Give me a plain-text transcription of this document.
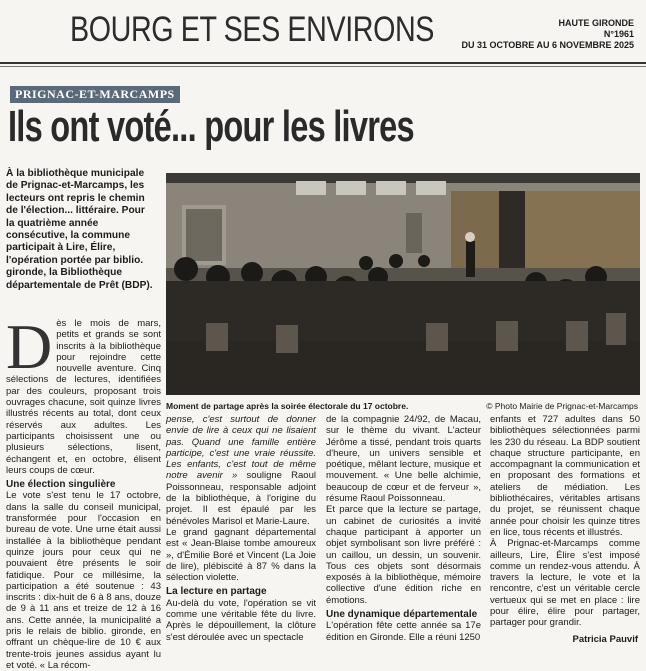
BOURG ET SES ENVIRONS	HAUTE GIRONDE
N°1961
DU 31 OCTOBRE AU 6 NOVEMBRE 2025
PRIGNAC-ET-MARCAMPS
Ils ont voté... pour les livres
À la bibliothèque municipale de Prignac-et-Marcamps, les lecteurs ont repris le chemin de l'élection... littéraire. Pour la quatrième année consécutive, la commune participait à Lire, Élire, l'opération portée par biblio. gironde, la Bibliothèque départementale de Prêt (BDP).
Moment de partage après la soirée électorale du 17 octobre.	© Photo Mairie de Prignac-et-Marcamps
D ès le mois de mars, petits et grands se sont inscrits à la bibliothèque pour rejoindre cette nouvelle aventure. Cinq sélections de lectures, identifiées par des couleurs, proposant trois ouvrages chacune, soit quinze livres illustrés récents au total, dont ceux réservés aux adultes. Les participants choisissent une ou plusieurs sélections, lisent, échangent et, en octobre, élisent leurs coups de cœur.

Une élection singulière

Le vote s'est tenu le 17 octobre, dans la salle du conseil municipal, transformée pour l'occasion en bureau de vote. Une urne était aussi installée à la bibliothèque pendant quinze jours pour ceux qui ne pouvaient être présents le soir fatidique. Pour ce millésime, la participation a été soutenue : 43 inscrits : dix-huit de 6 à 8 ans, douze de 9 à 11 ans et treize de 12 à 16 ans. Cette année, la municipalité a pris le relais de biblio. gironde, en offrant un chèque-lire de 10 € aux trente-trois jeunes assidus ayant lu et voté. « La récom-

pense, c'est surtout de donner envie de lire à ceux qui ne lisaient pas. Quand une famille entière participe, c'est une vraie réussite. Les enfants, c'est tout de même notre avenir » souligne Raoul Poissonneau, responsable adjoint de la bibliothèque, à l'origine du projet. Il est épaulé par les bénévoles Marisol et Marie-Laure.

Le grand gagnant départemental est « Jean-Blaise tombe amoureux », d'Émilie Boré et Vincent (La Joie de lire), plébiscité à 87 % dans la sélection violette.

La lecture en partage

Au-delà du vote, l'opération se vit comme une véritable fête du livre. Après le dépouillement, la clôture s'est déroulée avec un spectacle

de la compagnie 24/92, de Macau, sur le thème du vivant. L'acteur Jérôme a tissé, pendant trois quarts d'heure, un univers sensible et poétique, mêlant lecture, musique et mouvement. « Une belle alchimie, beaucoup de cœur et de ferveur », résume Raoul Poissonneau.

Et parce que la lecture se partage, un cabinet de curiosités a invité chaque participant à apporter un objet symbolisant son livre préféré : un caillou, un dessin, un souvenir. Tous ces objets sont désormais exposés à la bibliothèque, mémoire collective d'une édition riche en émotions.

Une dynamique départementale

L'opération fête cette année sa 17e édition en Gironde. Elle a réuni 1250

enfants et 727 adultes dans 50 bibliothèques sélectionnées parmi les 230 du réseau. La BDP soutient chaque structure participante, en accompagnant la communication et en proposant des formations et ateliers de médiation. Les bibliothécaires, véritables artisans du projet, se réunissent chaque année pour choisir les quinze titres en lice, tous récents et illustrés.

À Prignac-et-Marcamps comme ailleurs, Lire, Élire s'est imposé comme un rendez-vous attendu. À travers la lecture, le vote et la rencontre, c'est un véritable cercle vertueux qui se met en place : lire pour élire, élire pour partager, partager pour grandir.

Patricia Pauvif
